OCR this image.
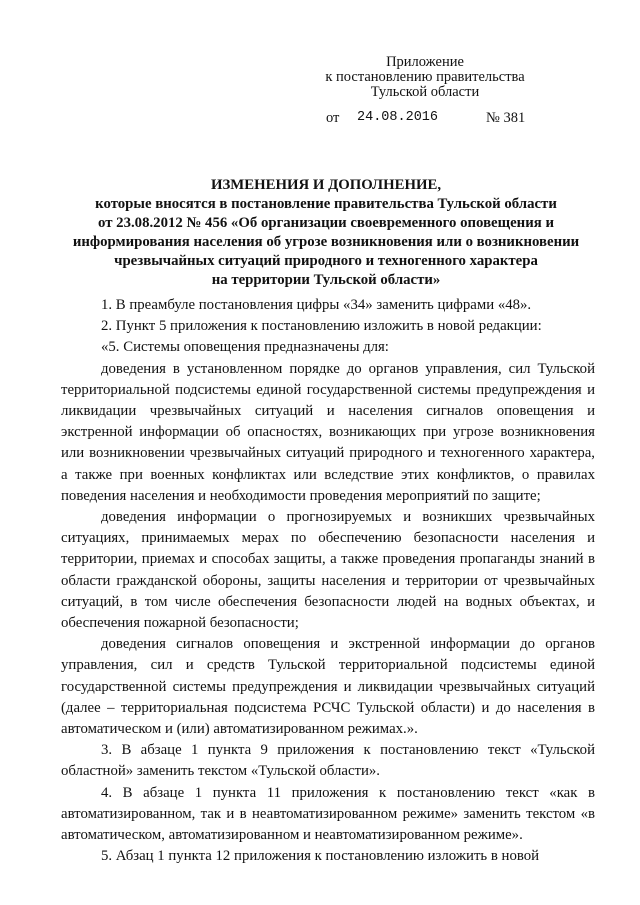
Приложение
к постановлению правительства
Тульской области
от 24.08.2016	№ 381
ИЗМЕНЕНИЯ И ДОПОЛНЕНИЕ,
которые вносятся в постановление правительства Тульской области
от 23.08.2012 № 456 «Об организации своевременного оповещения и
информирования населения об угрозе возникновения или о возникновении
чрезвычайных ситуаций природного и техногенного характера
на территории Тульской области»

1. В преамбуле постановления цифры «34» заменить цифрами «48».

2. Пункт 5 приложения к постановлению изложить в новой редакции:

«5. Системы оповещения предназначены для:

доведения в установленном порядке до органов управления, сил Тульской территориальной подсистемы единой государственной системы предупреждения и ликвидации чрезвычайных ситуаций и населения сигналов оповещения и экстренной информации об опасностях, возникающих при угрозе возникновения или возникновении чрезвычайных ситуаций природного и техногенного характера, а также при военных конфликтах или вследствие этих конфликтов, о правилах поведения населения и необходимости проведения мероприятий по защите;

доведения информации о прогнозируемых и возникших чрезвычайных ситуациях, принимаемых мерах по обеспечению безопасности населения и территории, приемах и способах защиты, а также проведения пропаганды знаний в области гражданской обороны, защиты населения и территории от чрезвычайных ситуаций, в том числе обеспечения безопасности людей на водных объектах, и обеспечения пожарной безопасности;

доведения сигналов оповещения и экстренной информации до органов управления, сил и средств Тульской территориальной подсистемы единой государственной системы предупреждения и ликвидации чрезвычайных ситуаций (далее – территориальная подсистема РСЧС Тульской области) и до населения в автоматическом и (или) автоматизированном режимах.».

3. В абзаце 1 пункта 9 приложения к постановлению текст «Тульской областной» заменить текстом «Тульской области».

4. В абзаце 1 пункта 11 приложения к постановлению текст «как в автоматизированном, так и в неавтоматизированном режиме» заменить текстом «в автоматическом, автоматизированном и неавтоматизированном режиме».

5. Абзац 1 пункта 12 приложения к постановлению изложить в новой
